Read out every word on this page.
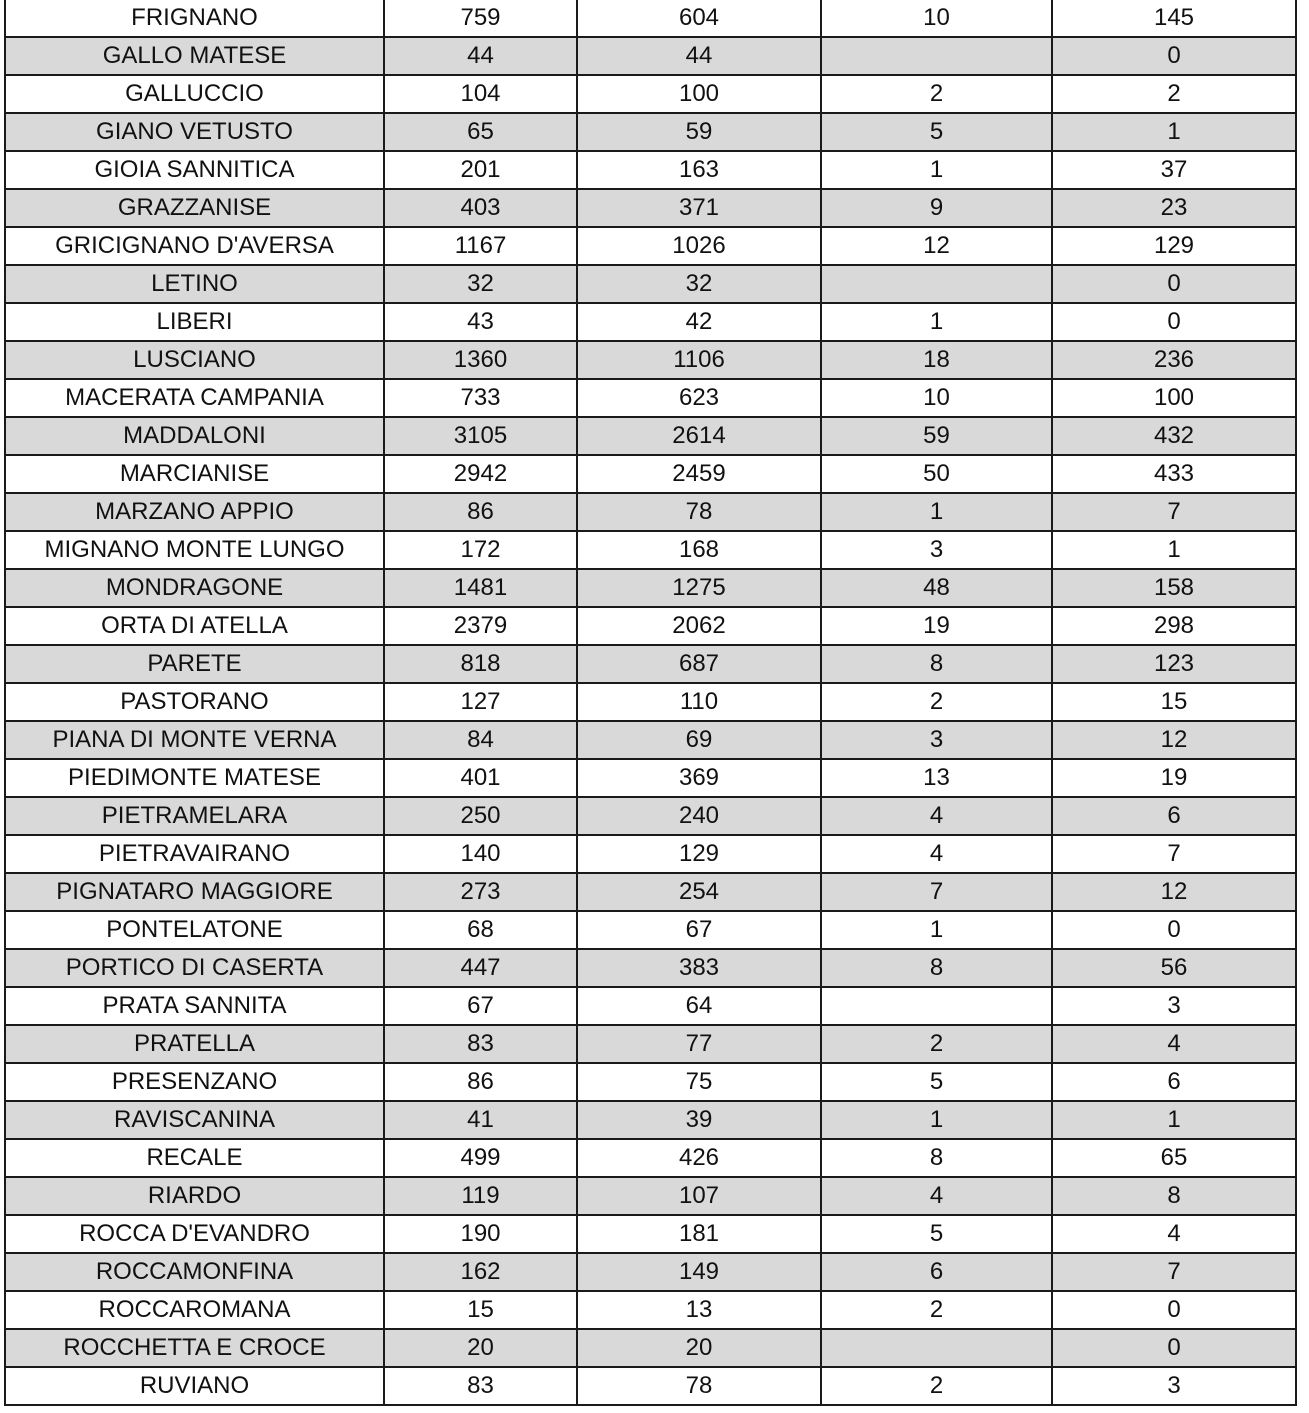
FRIGNANO	759	604	10	145
GALLO MATESE	44	44		0
GALLUCCIO	104	100	2	2
GIANO VETUSTO	65	59	5	1
GIOIA SANNITICA	201	163	1	37
GRAZZANISE	403	371	9	23
GRICIGNANO D'AVERSA	1167	1026	12	129
LETINO	32	32		0
LIBERI	43	42	1	0
LUSCIANO	1360	1106	18	236
MACERATA CAMPANIA	733	623	10	100
MADDALONI	3105	2614	59	432
MARCIANISE	2942	2459	50	433
MARZANO APPIO	86	78	1	7
MIGNANO MONTE LUNGO	172	168	3	1
MONDRAGONE	1481	1275	48	158
ORTA DI ATELLA	2379	2062	19	298
PARETE	818	687	8	123
PASTORANO	127	110	2	15
PIANA DI MONTE VERNA	84	69	3	12
PIEDIMONTE MATESE	401	369	13	19
PIETRAMELARA	250	240	4	6
PIETRAVAIRANO	140	129	4	7
PIGNATARO MAGGIORE	273	254	7	12
PONTELATONE	68	67	1	0
PORTICO DI CASERTA	447	383	8	56
PRATA SANNITA	67	64		3
PRATELLA	83	77	2	4
PRESENZANO	86	75	5	6
RAVISCANINA	41	39	1	1
RECALE	499	426	8	65
RIARDO	119	107	4	8
ROCCA D'EVANDRO	190	181	5	4
ROCCAMONFINA	162	149	6	7
ROCCAROMANA	15	13	2	0
ROCCHETTA E CROCE	20	20		0
RUVIANO	83	78	2	3
